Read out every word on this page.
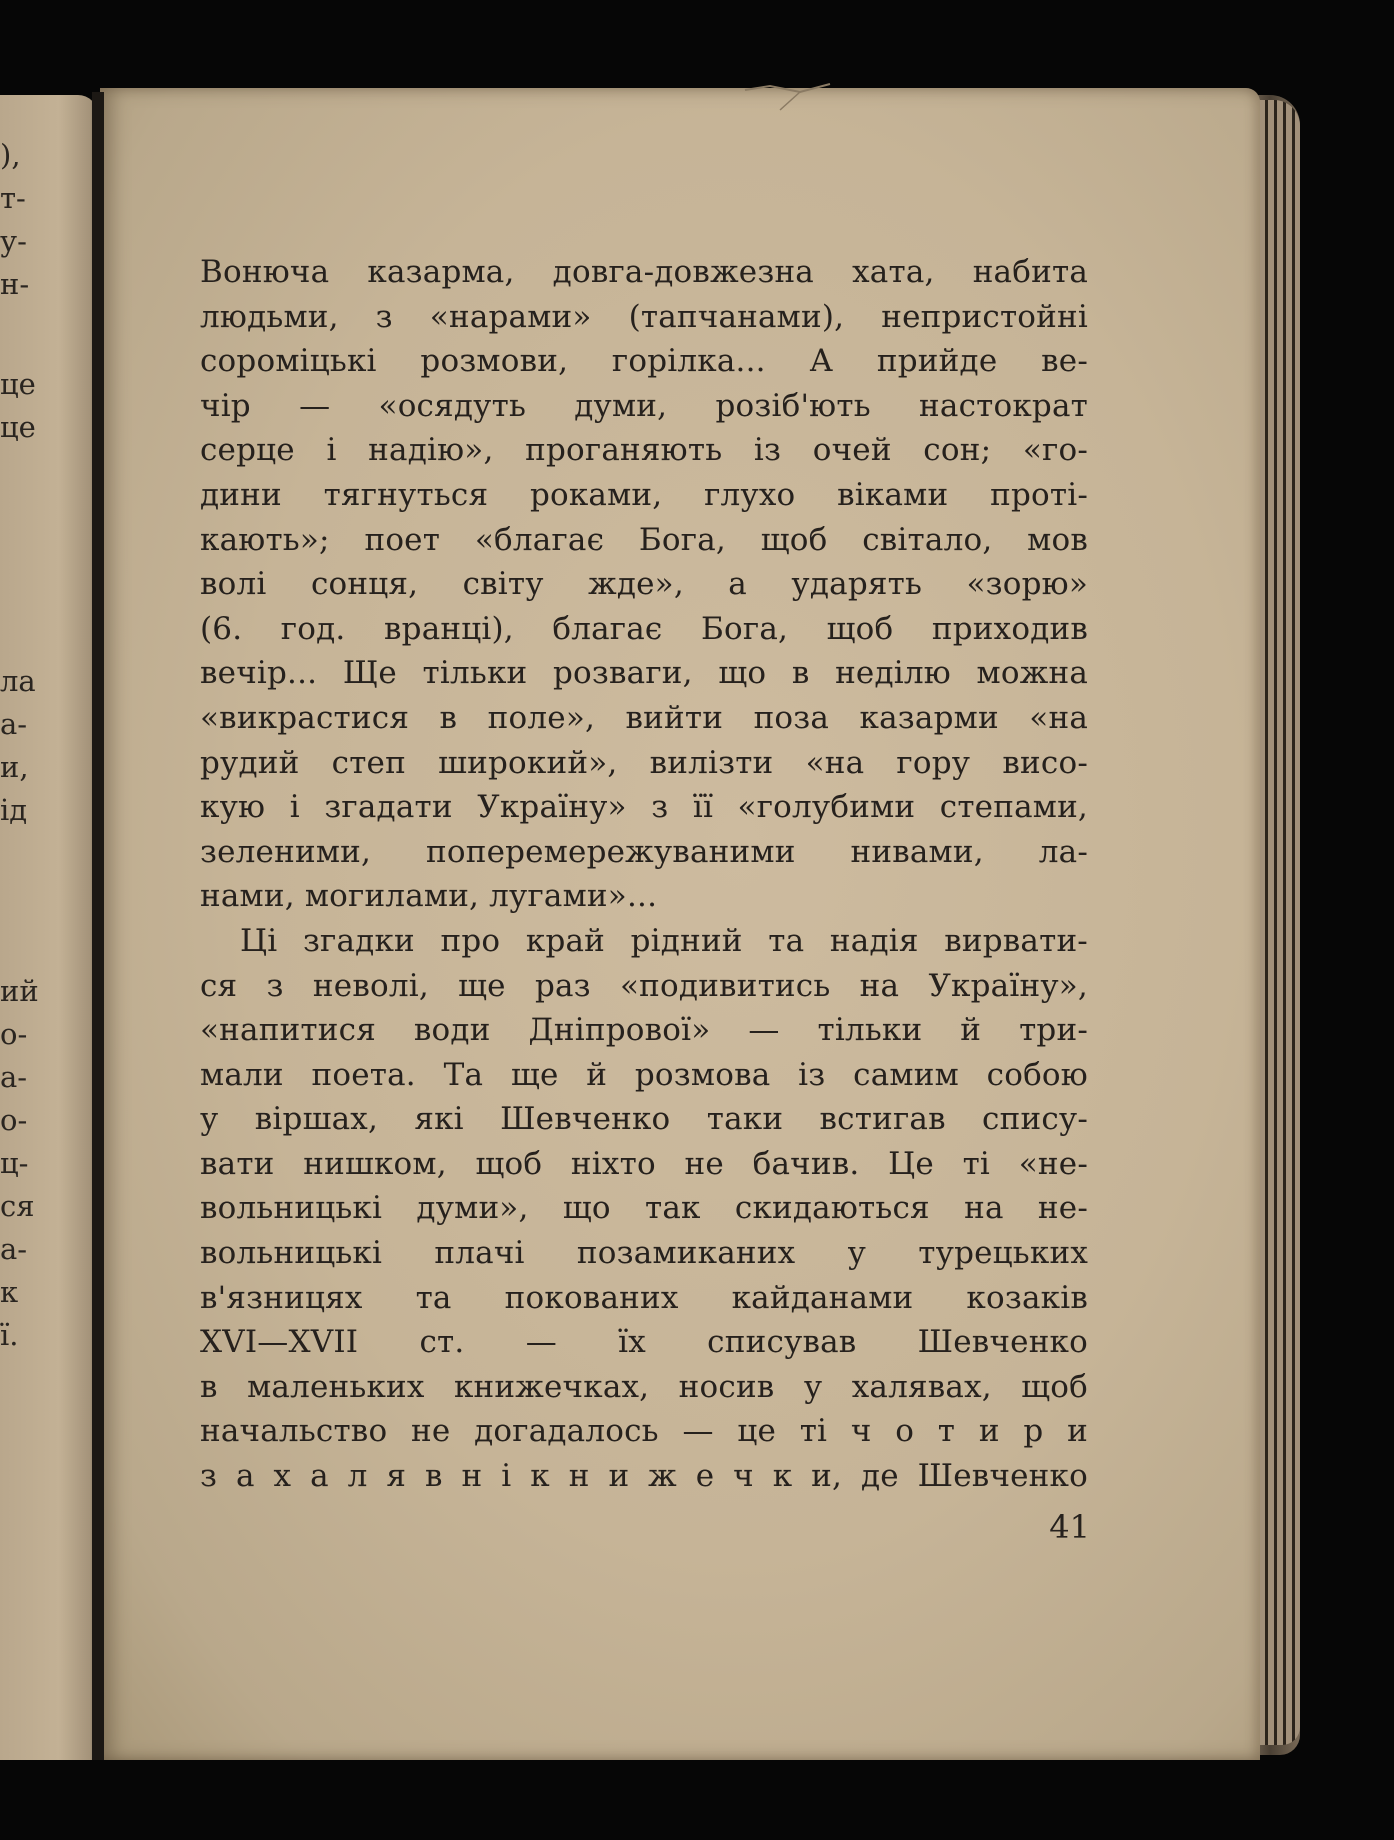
),
т-
у-
н-
це
це
ла
а-
и,
ід
ий
о-
а-
о-
ц-
ся
а-
к
ї.
Вонюча казарма, довга-довжезна хата, набита
людьми, з «нарами» (тапчанами), непристойні
сороміцькі розмови, горілка... А прийде ве-
чір — «осядуть думи, розіб'ють настократ
серце і надію», проганяють із очей сон; «го-
дини тягнуться роками, глухо віками протi-
кають»; поет «благає Бога, щоб світало, мов
волі сонця, світу жде», а ударять «зорю»
(6. год. вранці), благає Бога, щоб приходив
вечір... Ще тільки розваги, що в неділю можна
«викрастися в поле», вийти поза казарми «на
рудий степ широкий», вилізти «на гору висо-
кую і згадати Україну» з її «голубими степами,
зеленими, поперемережуваними нивами, ла-
нами, могилами, лугами»...
Ці згадки про край рідний та надія вирвати-
ся з неволі, ще раз «подивитись на Україну»,
«напитися води Дніпрової» — тільки й три-
мали поета. Та ще й розмова із самим собою
у віршах, які Шевченко таки встигав спису-
вати нишком, щоб ніхто не бачив. Це ті «не-
вольницькі думи», що так скидаються на не-
вольницькі плачі позамиканих у турецьких
в'язницях та покованих кайданами козаків
XVI—XVII ст. — їх списував Шевченко
в маленьких книжечках, носив у халявах, щоб
начальство не догадалось — це ті ч о т и р и
з а х а л я в н і к н и ж е ч к и, де Шевченко
41
